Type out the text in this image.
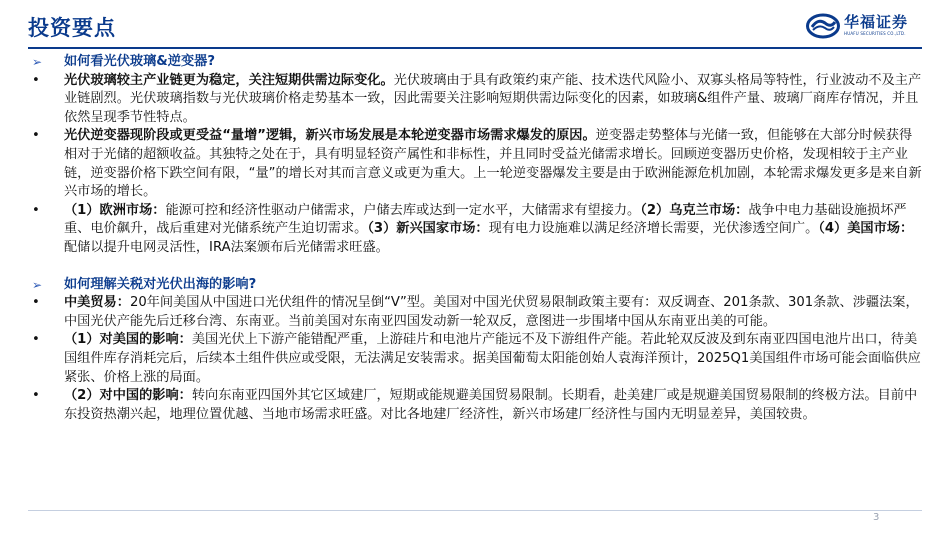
投资要点	华福证券
HUAFU SECURITIES CO.,LTD.
➢	如何看光伏玻璃&逆变器?
•	光伏玻璃较主产业链更为稳定，关注短期供需边际变化。光伏玻璃由于具有政策约束产能、技术迭代风险小、双寡头格局等特性，行业波动不及主产业链剧烈。光伏玻璃指数与光伏玻璃价格走势基本一致，因此需要关注影响短期供需边际变化的因素，如玻璃&组件产量、玻璃厂商库存情况，并且依然呈现季节性特点。
•	光伏逆变器现阶段或更受益“量增”逻辑，新兴市场发展是本轮逆变器市场需求爆发的原因。逆变器走势整体与光储一致，但能够在大部分时候获得相对于光储的超额收益。其独特之处在于，具有明显轻资产属性和非标性，并且同时受益光储需求增长。回顾逆变器历史价格，发现相较于主产业链，逆变器价格下跌空间有限，“量”的增长对其而言意义或更为重大。上一轮逆变器爆发主要是由于欧洲能源危机加剧，本轮需求爆发更多是来自新兴市场的增长。
•	（1）欧洲市场：能源可控和经济性驱动户储需求，户储去库或达到一定水平，大储需求有望接力。（2）乌克兰市场：战争中电力基础设施损坏严重、电价飙升，战后重建对光储系统产生迫切需求。（3）新兴国家市场：现有电力设施难以满足经济增长需要，光伏渗透空间广。（4）美国市场：配储以提升电网灵活性，IRA法案颁布后光储需求旺盛。
➢	如何理解关税对光伏出海的影响?
•	中美贸易：20年间美国从中国进口光伏组件的情况呈倒“V”型。美国对中国光伏贸易限制政策主要有：双反调查、201条款、301条款、涉疆法案，中国光伏产能先后迁移台湾、东南亚。当前美国对东南亚四国发动新一轮双反，意图进一步围堵中国从东南亚出美的可能。
•	（1）对美国的影响：美国光伏上下游产能错配严重，上游硅片和电池片产能远不及下游组件产能。若此轮双反波及到东南亚四国电池片出口，待美国组件库存消耗完后，后续本土组件供应或受限，无法满足安装需求。据美国葡萄太阳能创始人袁海洋预计，2025Q1美国组件市场可能会面临供应紧张、价格上涨的局面。
•	（2）对中国的影响：转向东南亚四国外其它区域建厂，短期或能规避美国贸易限制。长期看，赴美建厂或是规避美国贸易限制的终极方法。目前中东投资热潮兴起，地理位置优越、当地市场需求旺盛。对比各地建厂经济性，新兴市场建厂经济性与国内无明显差异，美国较贵。
3
